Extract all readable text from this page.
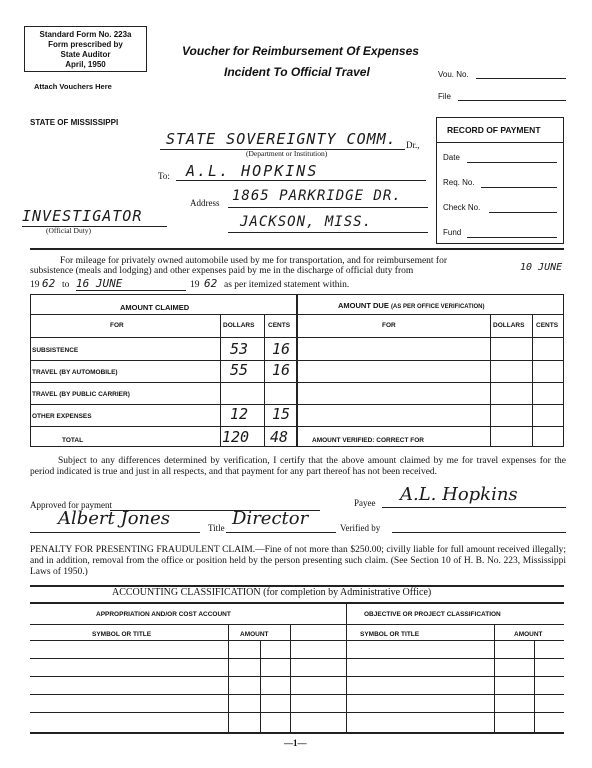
Standard Form No. 223a
Form prescribed by
State Auditor
April, 1950
Attach Vouchers Here
Voucher for Reimbursement Of Expenses
Incident To Official Travel	Vou. No.
File
STATE OF MISSISSIPPI
RECORD OF PAYMENT
Date
Req. No.
Check No.
Fund
STATE SOVEREIGNTY COMM. Dr.,
(Department or Institution)
To: A.L. HOPKINS
Address 1865 PARKRIDGE DR.
JACKSON, MISS.
INVESTIGATOR
(Official Duty)
For mileage for privately owned automobile used by me for transportation, and for reimbursement for
subsistence (meals and lodging) and other expenses paid by me in the discharge of official duty from	10 JUNE
19 62 to 16 JUNE	19 62 as per itemized statement within.
AMOUNT CLAIMED	AMOUNT DUE (AS PER OFFICE VERIFICATION)
FOR	DOLLARS CENTS	FOR	DOLLARS CENTS
SUBSISTENCE	53 16
TRAVEL (BY AUTOMOBILE)	55 16
TRAVEL (BY PUBLIC CARRIER)
OTHER EXPENSES	12 15
TOTAL	120 48	AMOUNT VERIFIED: CORRECT FOR
Subject to any differences determined by verification, I certify that the above amount claimed by me for travel expenses for the period indicated is true and just in all respects, and that payment for any part thereof has not been received.
Approved for payment	Payee A.L. Hopkins
Albert Jones	Title Director	Verified by
PENALTY FOR PRESENTING FRAUDULENT CLAIM.—Fine of not more than $250.00; civilly liable for full amount received illegally; and in addition, removal from the office or position held by the person presenting such claim. (See Section 10 of H. B. No. 223, Mississippi Laws of 1950.)
ACCOUNTING CLASSIFICATION (for completion by Administrative Office)
APPROPRIATION AND/OR COST ACCOUNT	OBJECTIVE OR PROJECT CLASSIFICATION
SYMBOL OR TITLE	AMOUNT	SYMBOL OR TITLE	AMOUNT
—1—
